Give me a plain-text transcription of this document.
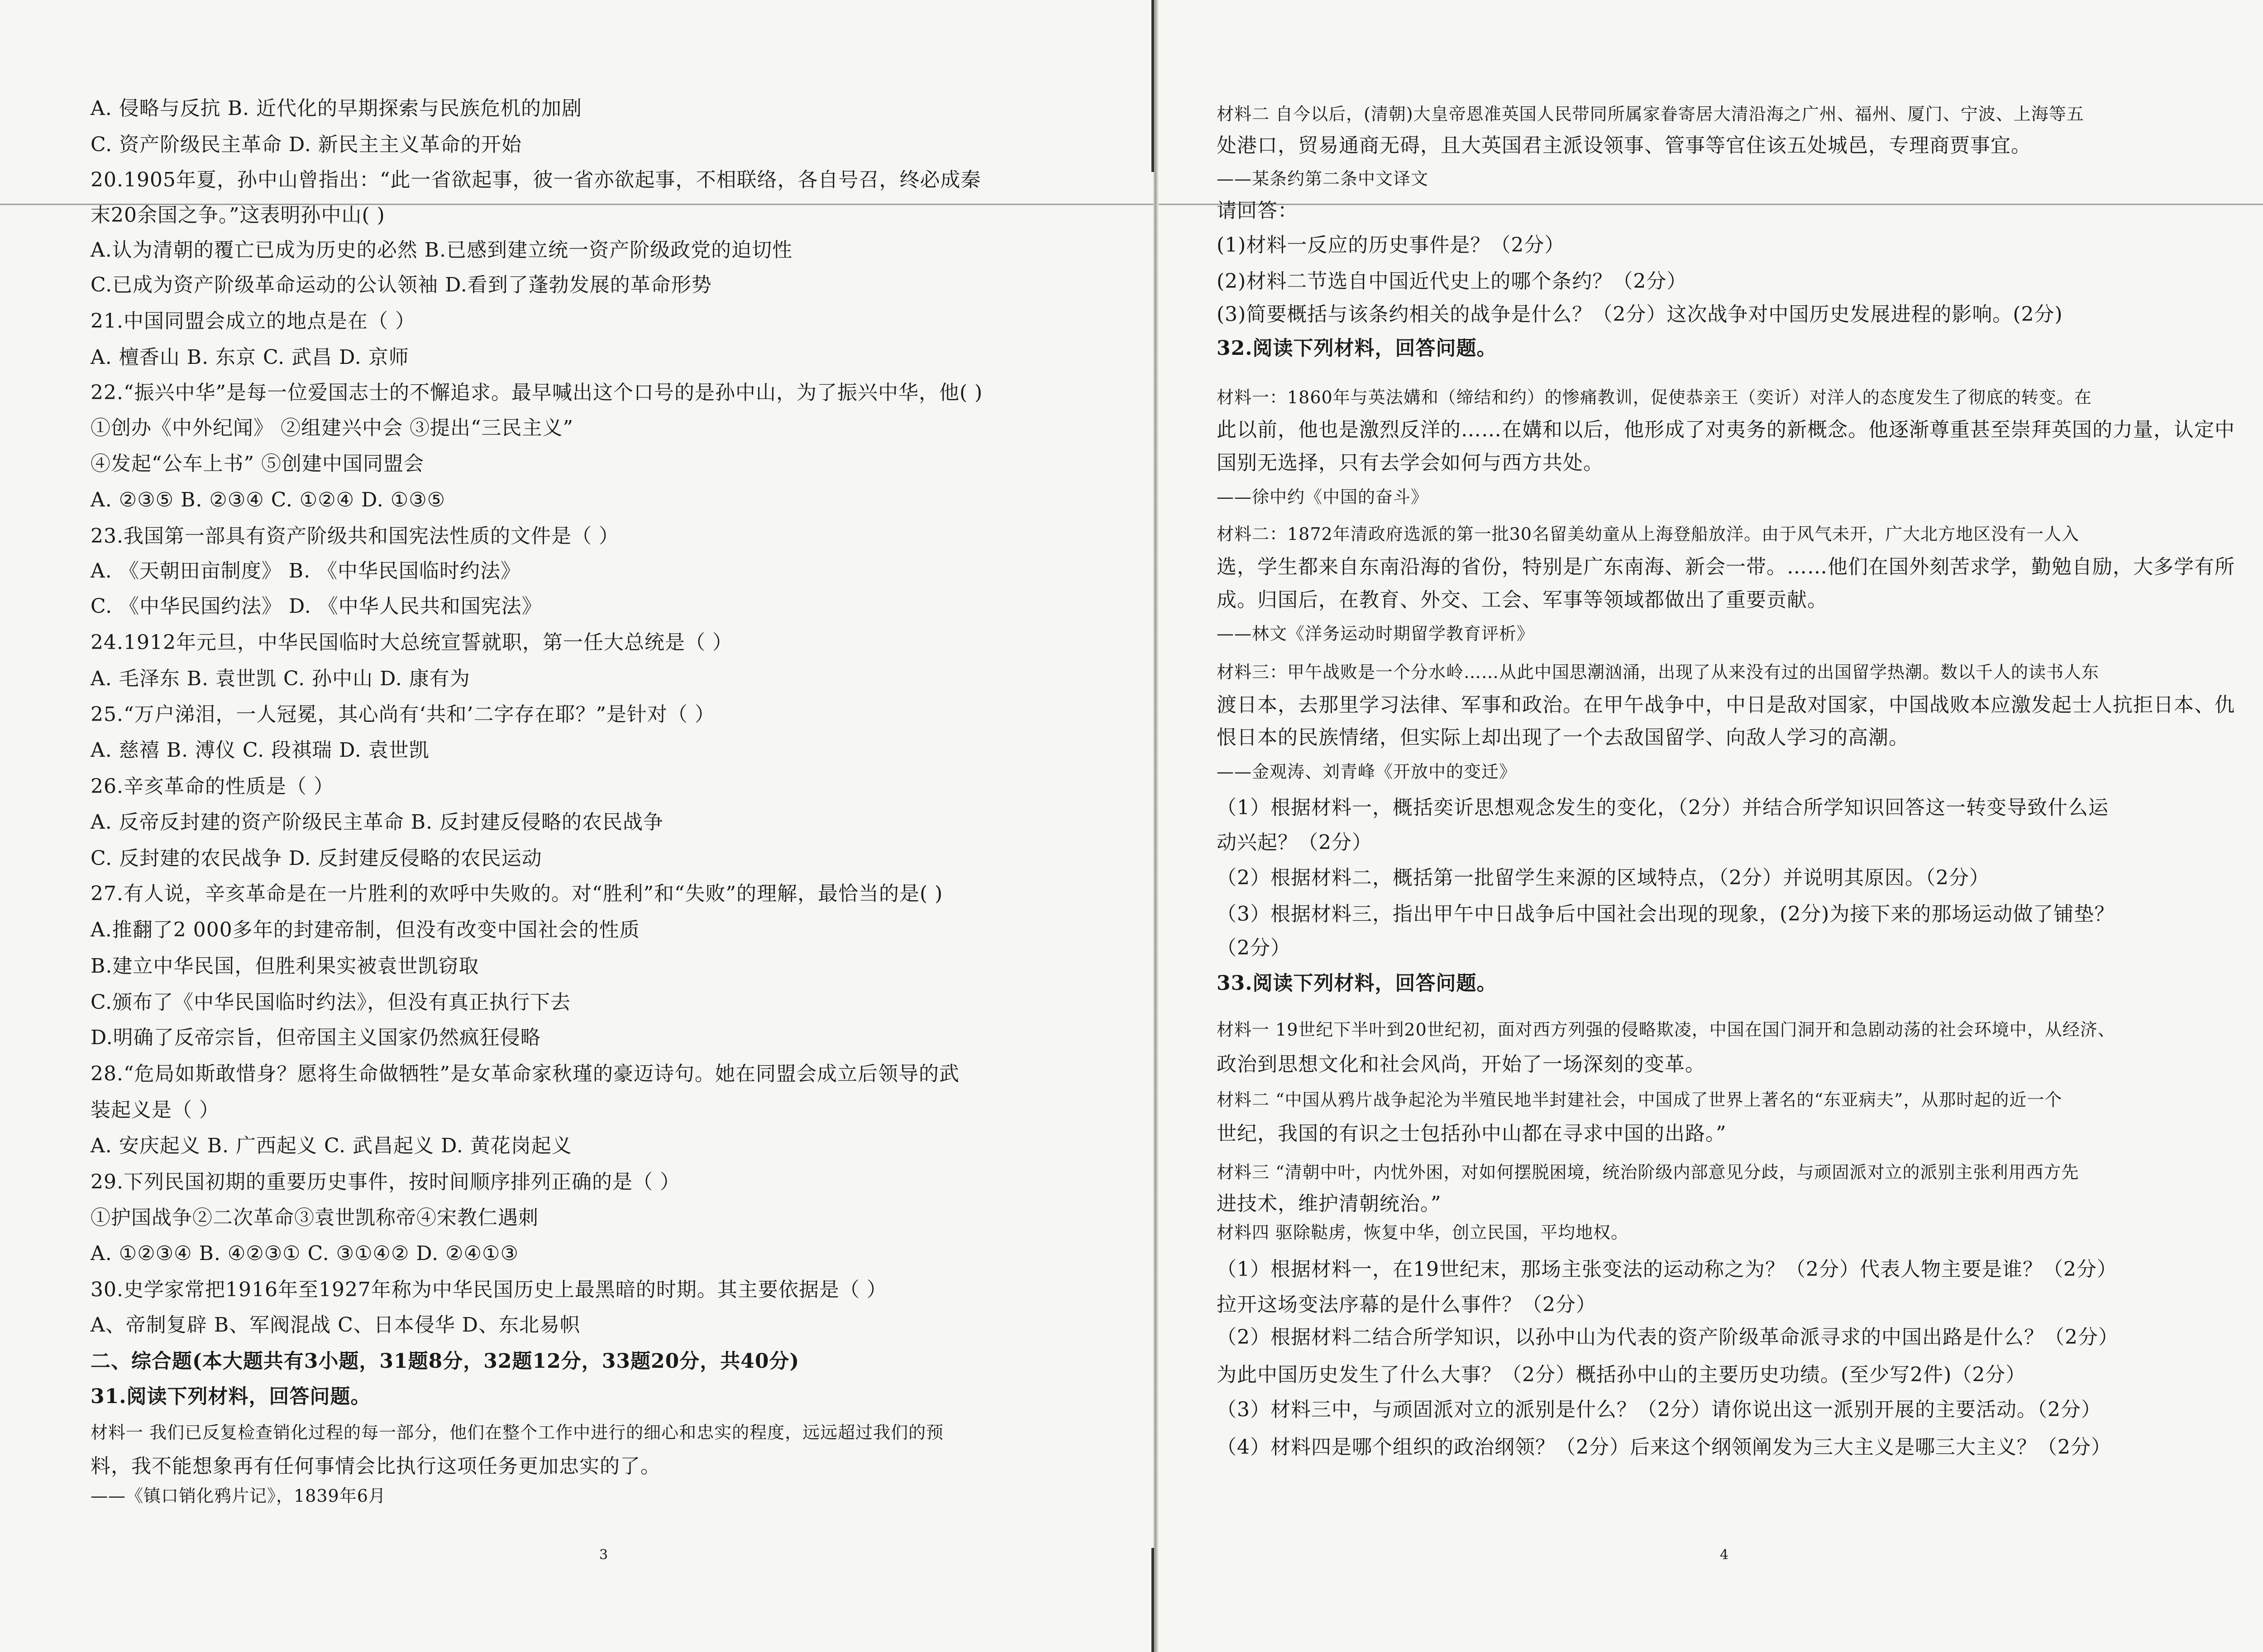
A. 侵略与反抗 B. 近代化的早期探索与民族危机的加剧
C. 资产阶级民主革命 D. 新民主主义革命的开始
20.1905年夏，孙中山曾指出：“此一省欲起事，彼一省亦欲起事，不相联络，各自号召，终必成秦
末20余国之争。”这表明孙中山( )
A.认为清朝的覆亡已成为历史的必然 B.已感到建立统一资产阶级政党的迫切性
C.已成为资产阶级革命运动的公认领袖 D.看到了蓬勃发展的革命形势
21.中国同盟会成立的地点是在（ ）
A. 檀香山 B. 东京 C. 武昌 D. 京师
22.“振兴中华”是每一位爱国志士的不懈追求。最早喊出这个口号的是孙中山，为了振兴中华，他( )
①创办《中外纪闻》 ②组建兴中会 ③提出“三民主义”
④发起“公车上书” ⑤创建中国同盟会
A. ②③⑤ B. ②③④ C. ①②④ D. ①③⑤
23.我国第一部具有资产阶级共和国宪法性质的文件是（ ）
A. 《天朝田亩制度》 B. 《中华民国临时约法》
C. 《中华民国约法》 D. 《中华人民共和国宪法》
24.1912年元旦，中华民国临时大总统宣誓就职，第一任大总统是（ ）
A. 毛泽东 B. 袁世凯 C. 孙中山 D. 康有为
25.“万户涕泪，一人冠冕，其心尚有‘共和’二字存在耶？”是针对（ ）
A. 慈禧 B. 溥仪 C. 段祺瑞 D. 袁世凯
26.辛亥革命的性质是（ ）
A. 反帝反封建的资产阶级民主革命 B. 反封建反侵略的农民战争
C. 反封建的农民战争 D. 反封建反侵略的农民运动
27.有人说，辛亥革命是在一片胜利的欢呼中失败的。对“胜利”和“失败”的理解，最恰当的是( )
A.推翻了2 000多年的封建帝制，但没有改变中国社会的性质
B.建立中华民国，但胜利果实被袁世凯窃取
C.颁布了《中华民国临时约法》，但没有真正执行下去
D.明确了反帝宗旨，但帝国主义国家仍然疯狂侵略
28.“危局如斯敢惜身？愿将生命做牺牲”是女革命家秋瑾的豪迈诗句。她在同盟会成立后领导的武
装起义是（ ）
A. 安庆起义 B. 广西起义 C. 武昌起义 D. 黄花岗起义
29.下列民国初期的重要历史事件，按时间顺序排列正确的是（ ）
①护国战争②二次革命③袁世凯称帝④宋教仁遇刺
A. ①②③④ B. ④②③① C. ③①④② D. ②④①③
30.史学家常把1916年至1927年称为中华民国历史上最黑暗的时期。其主要依据是（ ）
A、帝制复辟 B、军阀混战 C、日本侵华 D、东北易帜
二、综合题(本大题共有3小题，31题8分，32题12分，33题20分，共40分)
31.阅读下列材料，回答问题。
材料一 我们已反复检查销化过程的每一部分，他们在整个工作中进行的细心和忠实的程度，远远超过我们的预
料，我不能想象再有任何事情会比执行这项任务更加忠实的了。
——《镇口销化鸦片记》，1839年6月
材料二 自今以后，(清朝)大皇帝恩准英国人民带同所属家眷寄居大清沿海之广州、福州、厦门、宁波、上海等五
处港口，贸易通商无碍，且大英国君主派设领事、管事等官住该五处城邑，专理商贾事宜。
——某条约第二条中文译文
请回答：
(1)材料一反应的历史事件是？（2分）
(2)材料二节选自中国近代史上的哪个条约？（2分）
(3)简要概括与该条约相关的战争是什么？（2分）这次战争对中国历史发展进程的影响。(2分)
32.阅读下列材料，回答问题。
材料一：1860年与英法媾和（缔结和约）的惨痛教训，促使恭亲王（奕䜣）对洋人的态度发生了彻底的转变。在
此以前，他也是激烈反洋的……在媾和以后，他形成了对夷务的新概念。他逐渐尊重甚至崇拜英国的力量，认定中
国别无选择，只有去学会如何与西方共处。
——徐中约《中国的奋斗》
材料二：1872年清政府选派的第一批30名留美幼童从上海登船放洋。由于风气未开，广大北方地区没有一人入
选，学生都来自东南沿海的省份，特别是广东南海、新会一带。……他们在国外刻苦求学，勤勉自励，大多学有所
成。归国后，在教育、外交、工会、军事等领域都做出了重要贡献。
——林文《洋务运动时期留学教育评析》
材料三：甲午战败是一个分水岭……从此中国思潮汹涌，出现了从来没有过的出国留学热潮。数以千人的读书人东
渡日本，去那里学习法律、军事和政治。在甲午战争中，中日是敌对国家，中国战败本应激发起士人抗拒日本、仇
恨日本的民族情绪，但实际上却出现了一个去敌国留学、向敌人学习的高潮。
——金观涛、刘青峰《开放中的变迁》
（1）根据材料一，概括奕䜣思想观念发生的变化，（2分）并结合所学知识回答这一转变导致什么运
动兴起？（2分）
（2）根据材料二，概括第一批留学生来源的区域特点，（2分）并说明其原因。（2分）
（3）根据材料三，指出甲午中日战争后中国社会出现的现象，(2分)为接下来的那场运动做了铺垫？
（2分）
33.阅读下列材料，回答问题。
材料一 19世纪下半叶到20世纪初，面对西方列强的侵略欺凌，中国在国门洞开和急剧动荡的社会环境中，从经济、
政治到思想文化和社会风尚，开始了一场深刻的变革。
材料二 “中国从鸦片战争起沦为半殖民地半封建社会，中国成了世界上著名的“东亚病夫”，从那时起的近一个
世纪，我国的有识之士包括孙中山都在寻求中国的出路。”
材料三 “清朝中叶，内忧外困，对如何摆脱困境，统治阶级内部意见分歧，与顽固派对立的派别主张利用西方先
进技术，维护清朝统治。”
材料四 驱除鞑虏，恢复中华，创立民国，平均地权。
（1）根据材料一，在19世纪末，那场主张变法的运动称之为？（2分）代表人物主要是谁？（2分）
拉开这场变法序幕的是什么事件？（2分）
（2）根据材料二结合所学知识，以孙中山为代表的资产阶级革命派寻求的中国出路是什么？（2分）
为此中国历史发生了什么大事？（2分）概括孙中山的主要历史功绩。(至少写2件)（2分）
（3）材料三中，与顽固派对立的派别是什么？（2分）请你说出这一派别开展的主要活动。（2分）
（4）材料四是哪个组织的政治纲领？（2分）后来这个纲领阐发为三大主义是哪三大主义？（2分）
3	4
